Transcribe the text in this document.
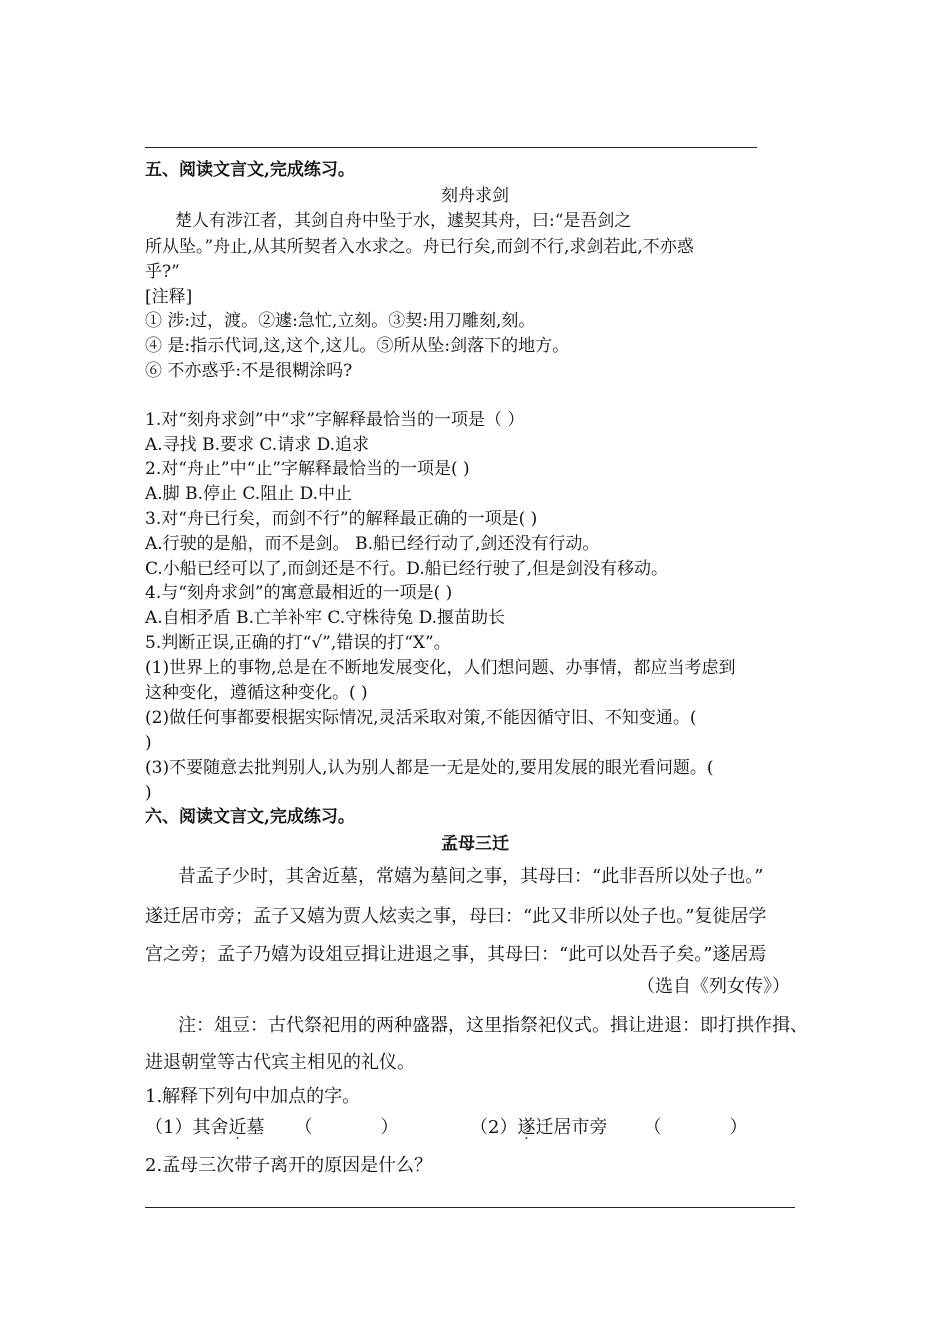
五、阅读文言文,完成练习。
刻舟求剑
楚人有涉江者，其剑自舟中坠于水，遽契其舟，曰:“是吾剑之
所从坠。”舟止,从其所契者入水求之。舟已行矣,而剑不行,求剑若此,不亦惑
乎?”
[注释]
① 涉:过，渡。②遽:急忙,立刻。③契:用刀雕刻,刻。
④ 是:指示代词,这,这个,这儿。⑤所从坠:剑落下的地方。
⑥ 不亦惑乎:不是很糊涂吗?
1.对“刻舟求剑”中“求”字解释最恰当的一项是（ ）
A.寻找 B.要求 C.请求 D.追求
2.对“舟止”中“止”字解释最恰当的一项是( )
A.脚 B.停止 C.阻止 D.中止
3.对“舟已行矣，而剑不行”的解释最正确的一项是( )
A.行驶的是船，而不是剑。 B.船已经行动了,剑还没有行动。
C.小船已经可以了,而剑还是不行。D.船已经行驶了,但是剑没有移动。
4.与“刻舟求剑”的寓意最相近的一项是( )
A.自相矛盾 B.亡羊补牢 C.守株待兔 D.揠苗助长
5.判断正误,正确的打“√”,错误的打“X”。
(1)世界上的事物,总是在不断地发展变化，人们想问题、办事情，都应当考虑到
这种变化，遵循这种变化。( )
(2)做任何事都要根据实际情况,灵活采取对策,不能因循守旧、不知变通。(
)
(3)不要随意去批判别人,认为别人都是一无是处的,要用发展的眼光看问题。(
)
六、阅读文言文,完成练习。
孟母三迁
昔孟子少时，其舍近墓，常嬉为墓间之事，其母曰：“此非吾所以处子也。”
遂迁居市旁；孟子又嬉为贾人炫卖之事，母曰：“此又非所以处子也。”复徙居学
宫之旁；孟子乃嬉为设俎豆揖让进退之事，其母曰：“此可以处吾子矣。”遂居焉
（选自《列女传》）
注：俎豆：古代祭祀用的两种盛器，这里指祭祀仪式。揖让进退：即打拱作揖、
进退朝堂等古代宾主相见的礼仪。
1.解释下列句中加点的字。
（1）其舍近墓 （	）	（2）遂迁居市旁 （	）
2.孟母三次带子离开的原因是什么？
